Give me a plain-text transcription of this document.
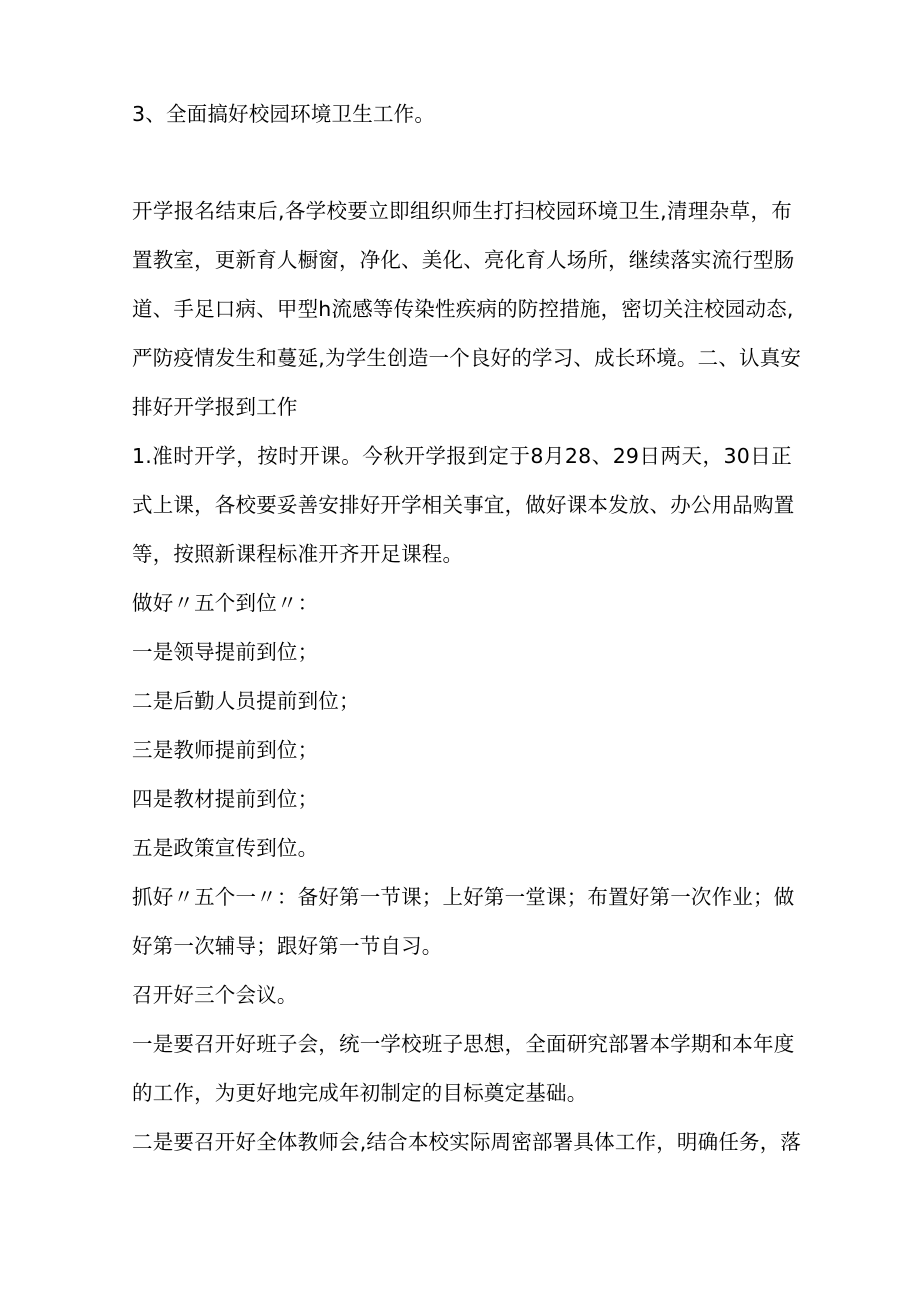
3、全面搞好校园环境卫生工作。
开学报名结束后,各学校要立即组织师生打扫校园环境卫生,清理杂草，布
置教室，更新育人橱窗，净化、美化、亮化育人场所，继续落实流行型肠
道、手足口病、甲型h流感等传染性疾病的防控措施，密切关注校园动态,
严防疫情发生和蔓延,为学生创造一个良好的学习、成长环境。二、认真安
排好开学报到工作
1.准时开学，按时开课。今秋开学报到定于8月28、29日两天，30日正
式上课，各校要妥善安排好开学相关事宜，做好课本发放、办公用品购置
等，按照新课程标准开齐开足课程。
做好〃五个到位〃：
一是领导提前到位；
二是后勤人员提前到位；
三是教师提前到位；
四是教材提前到位；
五是政策宣传到位。
抓好〃五个一〃：备好第一节课；上好第一堂课；布置好第一次作业；做
好第一次辅导；跟好第一节自习。
召开好三个会议。
一是要召开好班子会，统一学校班子思想，全面研究部署本学期和本年度
的工作，为更好地完成年初制定的目标奠定基础。
二是要召开好全体教师会,结合本校实际周密部署具体工作，明确任务，落
